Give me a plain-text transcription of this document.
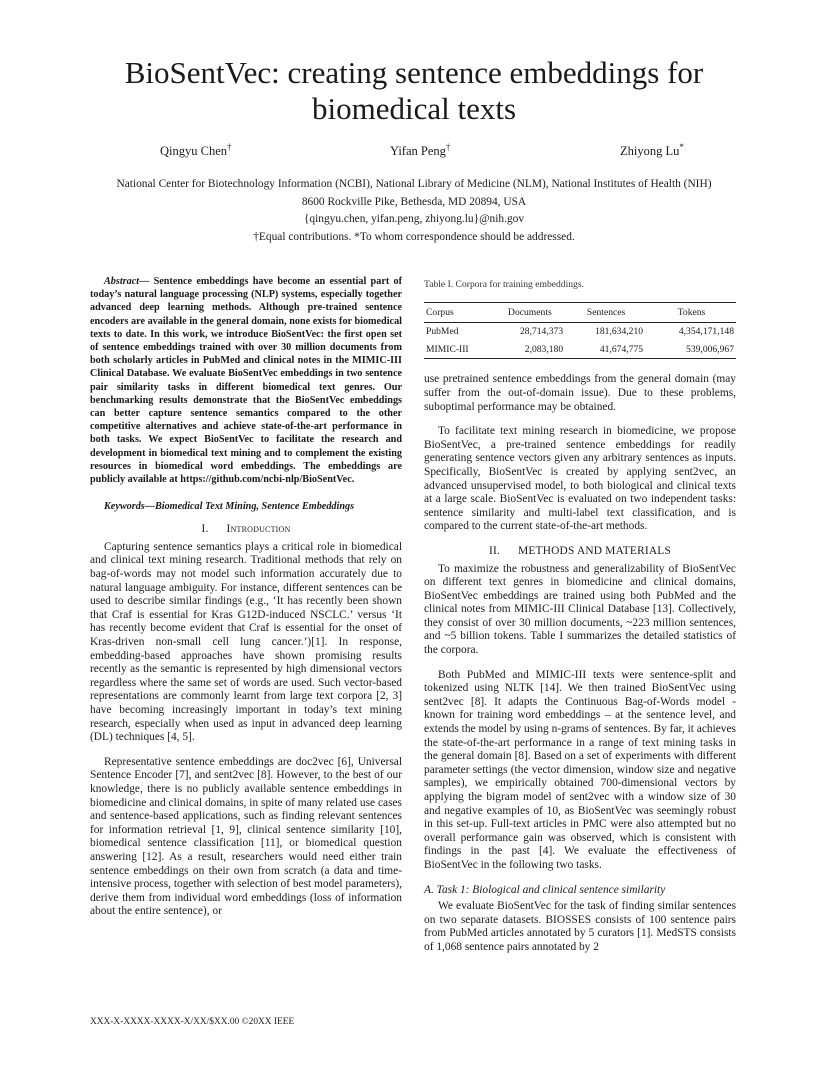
BioSentVec: creating sentence embeddings for biomedical texts
Qingyu Chen†	Yifan Peng†	Zhiyong Lu*
National Center for Biotechnology Information (NCBI), National Library of Medicine (NLM), National Institutes of Health (NIH)
8600 Rockville Pike, Bethesda, MD 20894, USA
{qingyu.chen, yifan.peng, zhiyong.lu}@nih.gov
†Equal contributions. *To whom correspondence should be addressed.

Abstract— Sentence embeddings have become an essential part of today’s natural language processing (NLP) systems, especially together advanced deep learning methods. Although pre-trained sentence encoders are available in the general domain, none exists for biomedical texts to date. In this work, we introduce BioSentVec: the first open set of sentence embeddings trained with over 30 million documents from both scholarly articles in PubMed and clinical notes in the MIMIC-III Clinical Database. We evaluate BioSentVec embeddings in two sentence pair similarity tasks in different biomedical text genres. Our benchmarking results demonstrate that the BioSentVec embeddings can better capture sentence semantics compared to the other competitive alternatives and achieve state-of-the-art performance in both tasks. We expect BioSentVec to facilitate the research and development in biomedical text mining and to complement the existing resources in biomedical word embeddings. The embeddings are publicly available at https://github.com/ncbi-nlp/BioSentVec.

Keywords—Biomedical Text Mining, Sentence Embeddings

I. Introduction

Capturing sentence semantics plays a critical role in biomedical and clinical text mining research. Traditional methods that rely on bag-of-words may not model such information accurately due to natural language ambiguity. For instance, different sentences can be used to describe similar findings (e.g., ‘It has recently been shown that Craf is essential for Kras G12D-induced NSCLC.’ versus ‘It has recently become evident that Craf is essential for the onset of Kras-driven non-small cell lung cancer.’)[1]. In response, embedding-based approaches have shown promising results recently as the semantic is represented by high dimensional vectors regardless where the same set of words are used. Such vector-based representations are commonly learnt from large text corpora [2, 3] have becoming increasingly important in today’s text mining research, especially when used as input in advanced deep learning (DL) techniques [4, 5].

Representative sentence embeddings are doc2vec [6], Universal Sentence Encoder [7], and sent2vec [8]. However, to the best of our knowledge, there is no publicly available sentence embeddings in biomedicine and clinical domains, in spite of many related use cases and sentence-based applications, such as finding relevant sentences for information retrieval [1, 9], clinical sentence similarity [10], biomedical sentence classification [11], or biomedical question answering [12]. As a result, researchers would need either train sentence embeddings on their own from scratch (a data and time-intensive process, together with selection of best model parameters), derive them from individual word embeddings (loss of information about the entire sentence), or

Table I. Corpora for training embeddings.
Corpus	Documents	Sentences	Tokens
PubMed	28,714,373	181,634,210	4,354,171,148
MIMIC-III	2,083,180	41,674,775	539,006,967

use pretrained sentence embeddings from the general domain (may suffer from the out-of-domain issue). Due to these problems, suboptimal performance may be obtained.

To facilitate text mining research in biomedicine, we propose BioSentVec, a pre-trained sentence embeddings for readily generating sentence vectors given any arbitrary sentences as inputs. Specifically, BioSentVec is created by applying sent2vec, an advanced unsupervised model, to both biological and clinical texts at a large scale. BioSentVec is evaluated on two independent tasks: sentence similarity and multi-label text classification, and is compared to the current state-of-the-art methods.

II. METHODS AND MATERIALS

To maximize the robustness and generalizability of BioSentVec on different text genres in biomedicine and clinical domains, BioSentVec embeddings are trained using both PubMed and the clinical notes from MIMIC-III Clinical Database [13]. Collectively, they consist of over 30 million documents, ~223 million sentences, and ~5 billion tokens. Table I summarizes the detailed statistics of the corpora.

Both PubMed and MIMIC-III texts were sentence-split and tokenized using NLTK [14]. We then trained BioSentVec using sent2vec [8]. It adapts the Continuous Bag-of-Words model - known for training word embeddings – at the sentence level, and extends the model by using n-grams of sentences. By far, it achieves the state-of-the-art performance in a range of text mining tasks in the general domain [8]. Based on a set of experiments with different parameter settings (the vector dimension, window size and negative samples), we empirically obtained 700-dimensional vectors by applying the bigram model of sent2vec with a window size of 30 and negative examples of 10, as BioSentVec was seemingly robust in this set-up. Full-text articles in PMC were also attempted but no overall performance gain was observed, which is consistent with findings in the past [4]. We evaluate the effectiveness of BioSentVec in the following two tasks.

A. Task 1: Biological and clinical sentence similarity

We evaluate BioSentVec for the task of finding similar sentences on two separate datasets. BIOSSES consists of 100 sentence pairs from PubMed articles annotated by 5 curators [1]. MedSTS consists of 1,068 sentence pairs annotated by 2

XXX-X-XXXX-XXXX-X/XX/$XX.00 ©20XX IEEE
